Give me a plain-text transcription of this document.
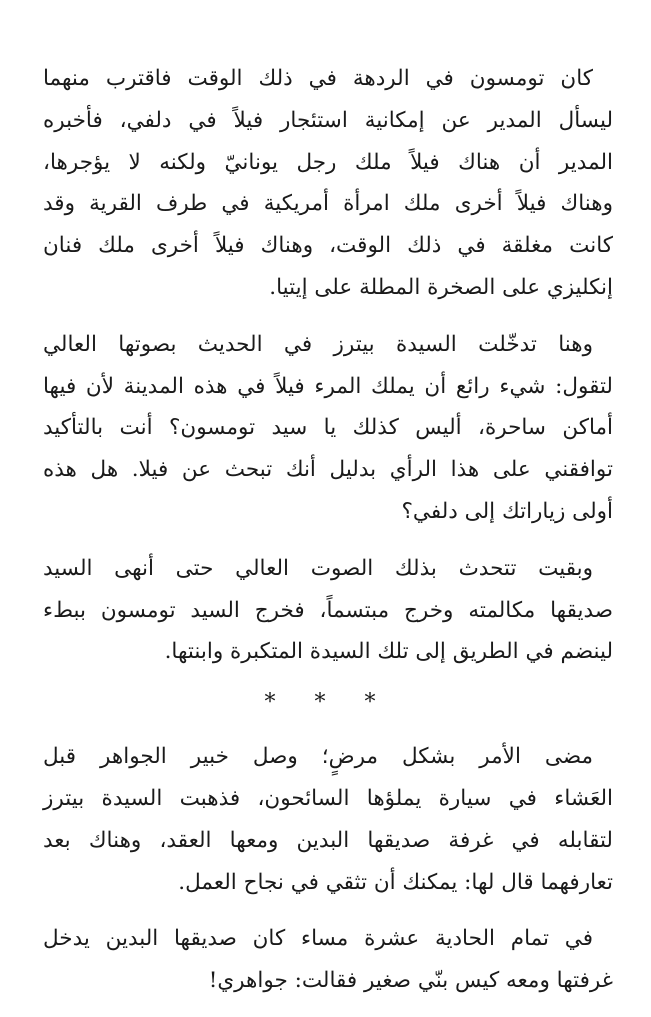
كان تومسون في الردهة في ذلك الوقت فاقترب منهما
ليسأل المدير عن إمكانية استئجار فيلاً في دلفي، فأخبره
المدير أن هناك فيلاً ملك رجل يونانيّ ولكنه لا يؤجرها،
وهناك فيلاً أخرى ملك امرأة أمريكية في طرف القرية وقد
كانت مغلقة في ذلك الوقت، وهناك فيلاً أخرى ملك فنان
إنكليزي على الصخرة المطلة على إيتيا.

وهنا تدخّلت السيدة بيترز في الحديث بصوتها العالي
لتقول: شيء رائع أن يملك المرء فيلاً في هذه المدينة لأن فيها
أماكن ساحرة، أليس كذلك يا سيد تومسون؟ أنت بالتأكيد
توافقني على هذا الرأي بدليل أنك تبحث عن فيلا. هل هذه
أولى زياراتك إلى دلفي؟

وبقيت تتحدث بذلك الصوت العالي حتى أنهى السيد
صديقها مكالمته وخرج مبتسماً، فخرج السيد تومسون ببطء
لينضم في الطريق إلى تلك السيدة المتكبرة وابنتها.

* * *

مضى الأمر بشكل مرضٍ؛ وصل خبير الجواهر قبل
العَشاء في سيارة يملؤها السائحون، فذهبت السيدة بيترز
لتقابله في غرفة صديقها البدين ومعها العقد، وهناك بعد
تعارفهما قال لها: يمكنك أن تثقي في نجاح العمل.

في تمام الحادية عشرة مساء كان صديقها البدين يدخل
غرفتها ومعه كيس بنّي صغير فقالت: جواهري!
